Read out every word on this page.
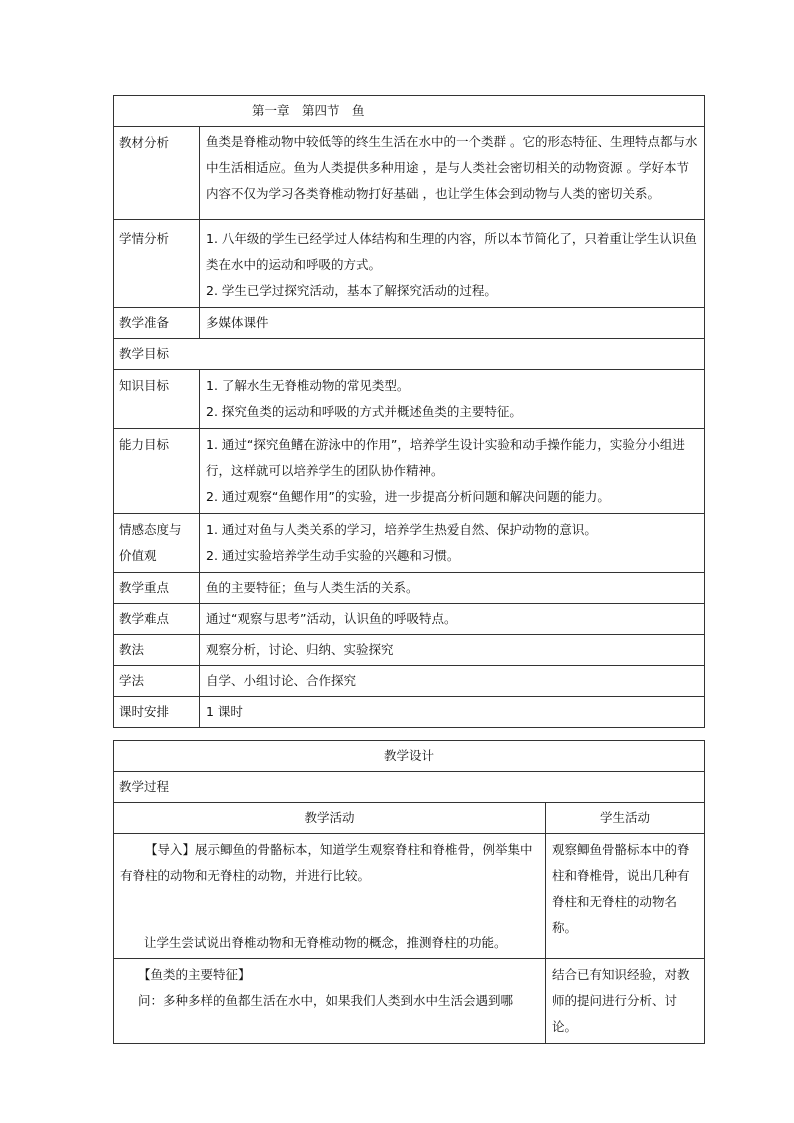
第一章　第四节　鱼	
教材分析	鱼类是脊椎动物中较低等的终生生活在水中的一个类群 。它的形态特征、生理特点都与水中生活相适应。鱼为人类提供多种用途 ，是与人类社会密切相关的动物资源 。学好本节内容不仅为学习各类脊椎动物打好基础 ，也让学生体会到动物与人类的密切关系。

学情分析	1. 八年级的学生已经学过人体结构和生理的内容，所以本节简化了，只着重让学生认识鱼类在水中的运动和呼吸的方式。
2. 学生已学过探究活动，基本了解探究活动的过程。

教学准备	多媒体课件

教学目标	
知识目标	1. 了解水生无脊椎动物的常见类型。
2. 探究鱼类的运动和呼吸的方式并概述鱼类的主要特征。

能力目标	1. 通过“探究鱼鳍在游泳中的作用”，培养学生设计实验和动手操作能力，实验分小组进行，这样就可以培养学生的团队协作精神。
2. 通过观察“鱼鳃作用”的实验，进一步提高分析问题和解决问题的能力。

情感态度与价值观	1. 通过对鱼与人类关系的学习，培养学生热爱自然、保护动物的意识。
2. 通过实验培养学生动手实验的兴趣和习惯。

教学重点	鱼的主要特征；鱼与人类生活的关系。

教学难点	通过“观察与思考”活动，认识鱼的呼吸特点。

教法	观察分析，讨论、归纳、实验探究

学法	自学、小组讨论、合作探究

课时安排	1 课时
教学设计	
教学过程	
教学活动	学生活动

【导入】展示鲫鱼的骨骼标本，知道学生观察脊柱和脊椎骨，例举集中有脊柱的动物和无脊柱的动物，并进行比较。
让学生尝试说出脊椎动物和无脊椎动物的概念，推测脊柱的功能。	观察鲫鱼骨骼标本中的脊柱和脊椎骨，说出几种有脊柱和无脊柱的动物名称。

【鱼类的主要特征】
问：多种多样的鱼都生活在水中，如果我们人类到水中生活会遇到哪	结合已有知识经验，对教师的提问进行分析、讨论。
